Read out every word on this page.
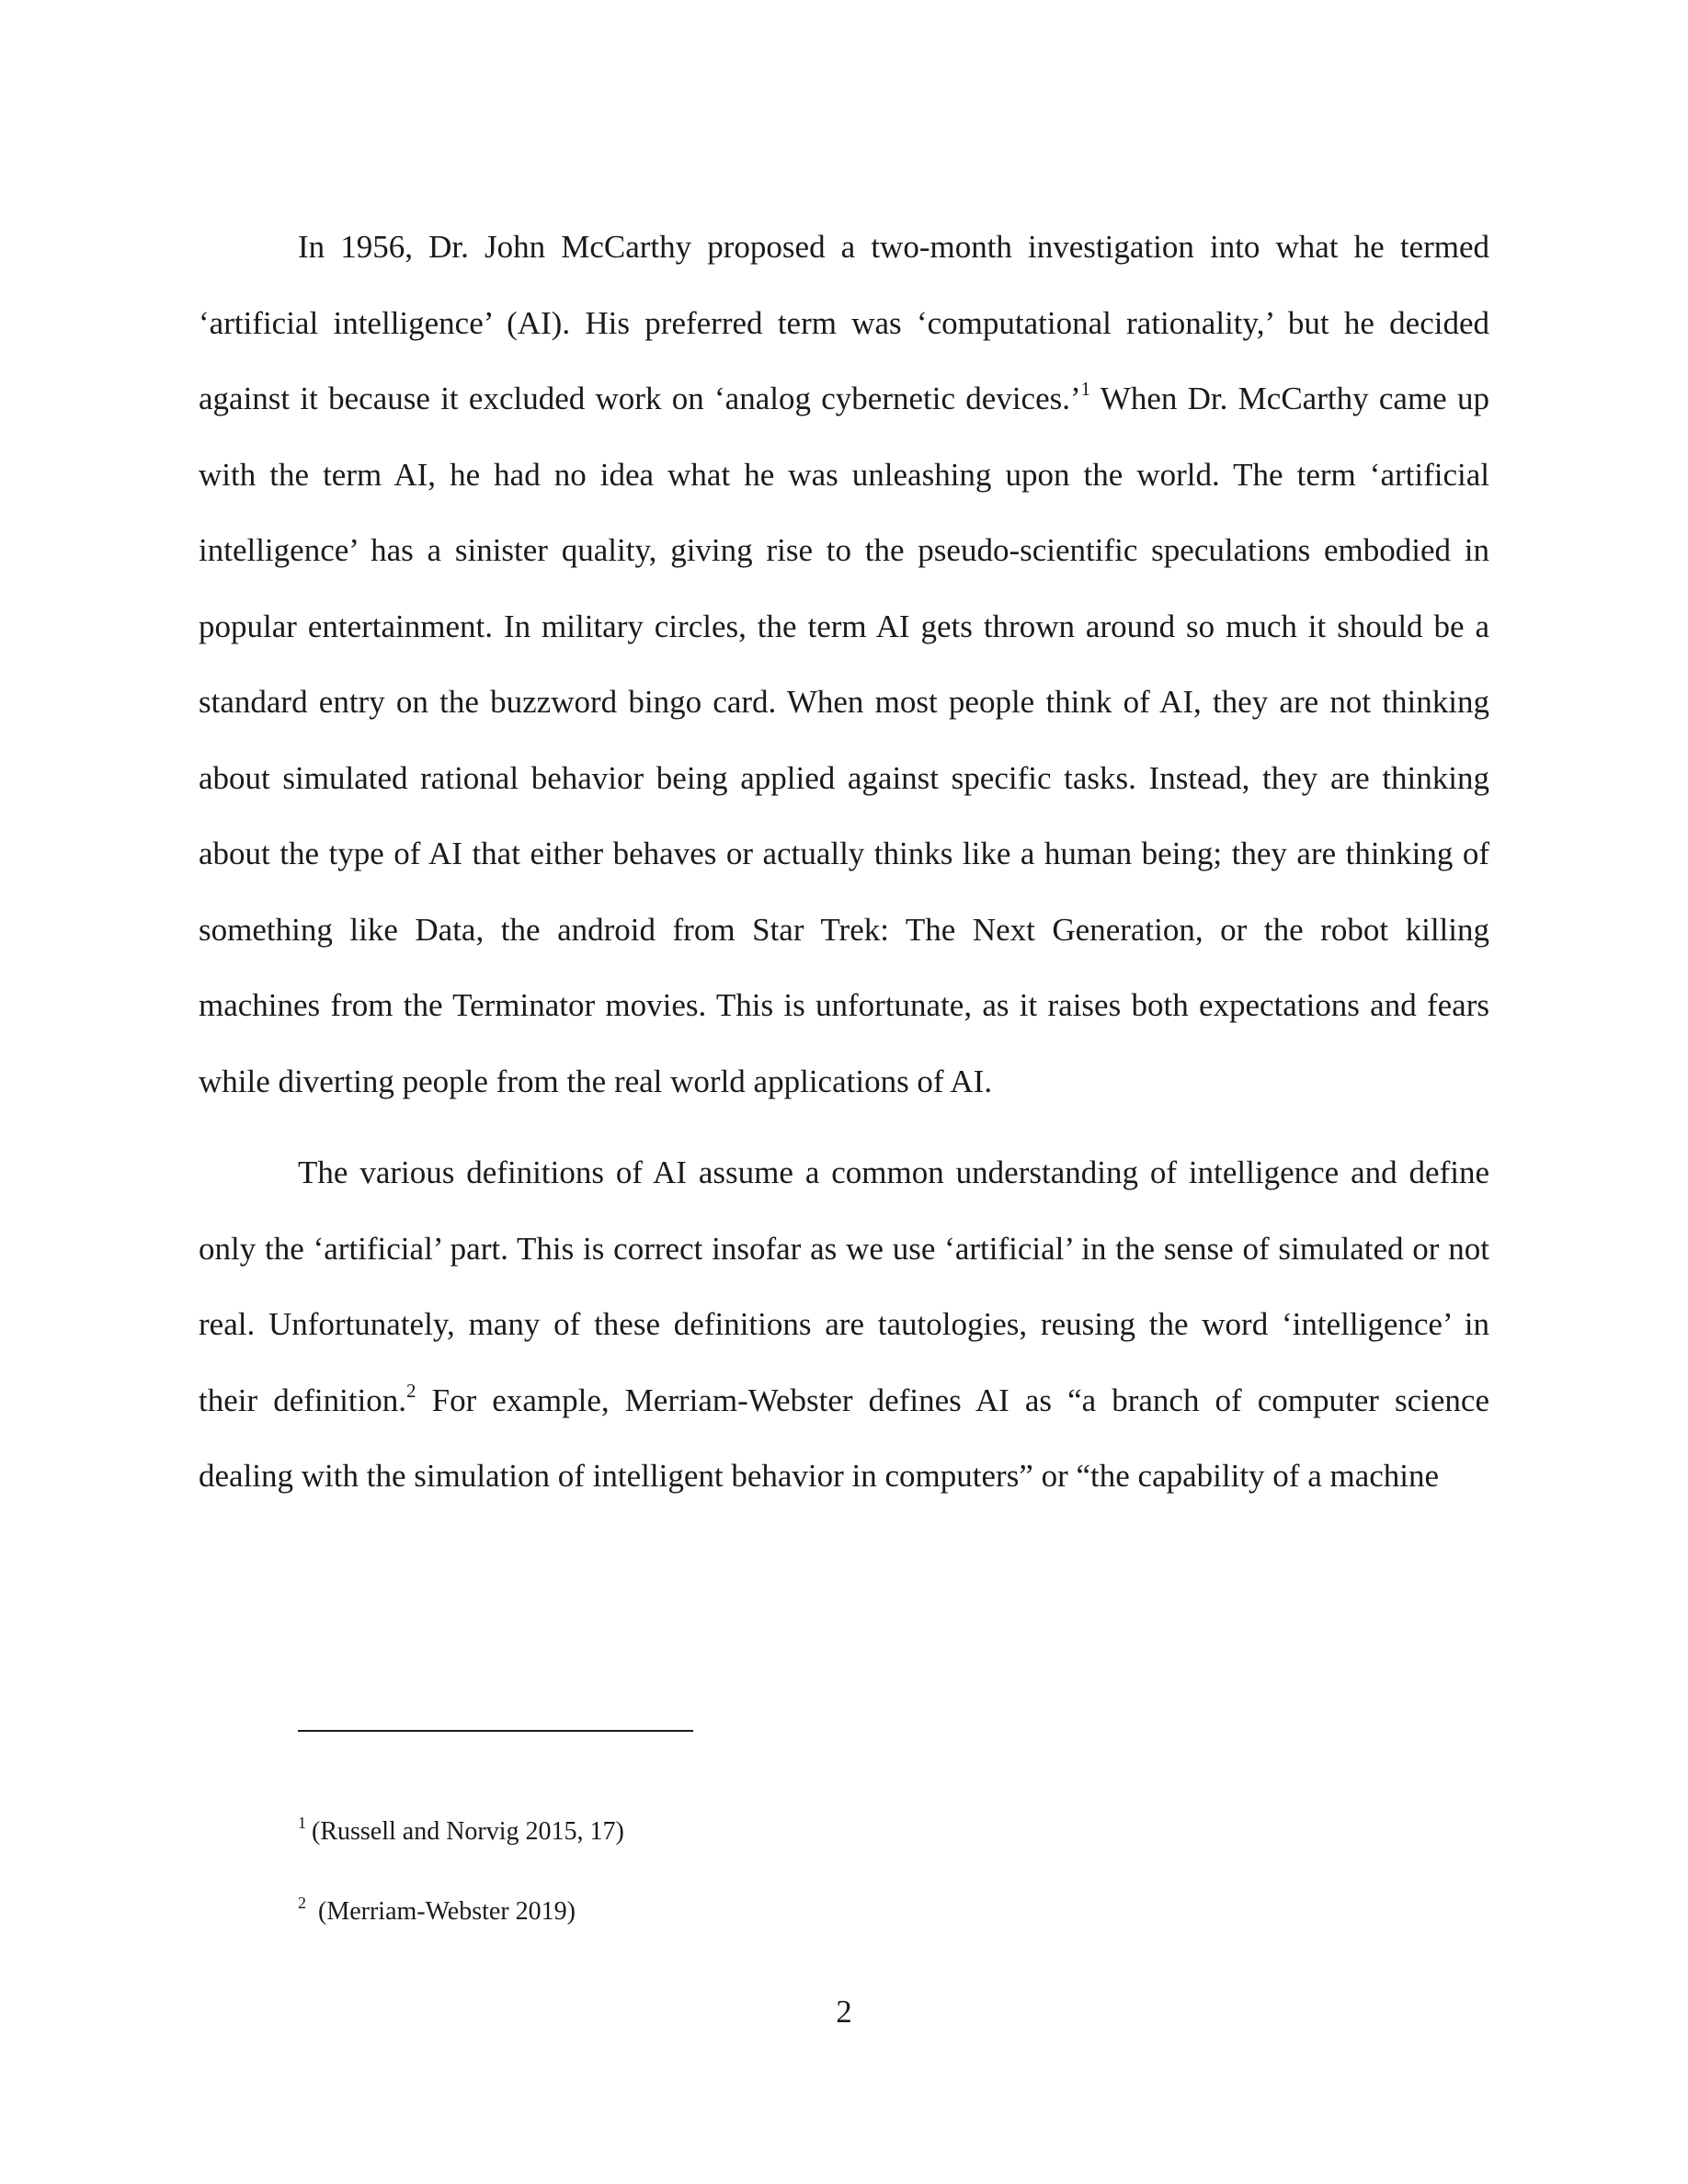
In 1956, Dr. John McCarthy proposed a two-month investigation into what he termed ‘artificial intelligence’ (AI). His preferred term was ‘computational rationality,’ but he decided against it because it excluded work on ‘analog cybernetic devices.’$^1$ When Dr. McCarthy came up with the term AI, he had no idea what he was unleashing upon the world. The term ‘artificial intelligence’ has a sinister quality, giving rise to the pseudo-scientific speculations embodied in popular entertainment. In military circles, the term AI gets thrown around so much it should be a standard entry on the buzzword bingo card. When most people think of AI, they are not thinking about simulated rational behavior being applied against specific tasks. Instead, they are thinking about the type of AI that either behaves or actually thinks like a human being; they are thinking of something like Data, the android from Star Trek: The Next Generation, or the robot killing machines from the Terminator movies. This is unfortunate, as it raises both expectations and fears while diverting people from the real world applications of AI.

The various definitions of AI assume a common understanding of intelligence and define only the ‘artificial’ part. This is correct insofar as we use ‘artificial’ in the sense of simulated or not real. Unfortunately, many of these definitions are tautologies, reusing the word ‘intelligence’ in their definition.$^2$ For example, Merriam-Webster defines AI as “a branch of computer science dealing with the simulation of intelligent behavior in computers” or “the capability of a machine

$^1$ (Russell and Norvig 2015, 17)
$^2$ (Merriam-Webster 2019)
2
